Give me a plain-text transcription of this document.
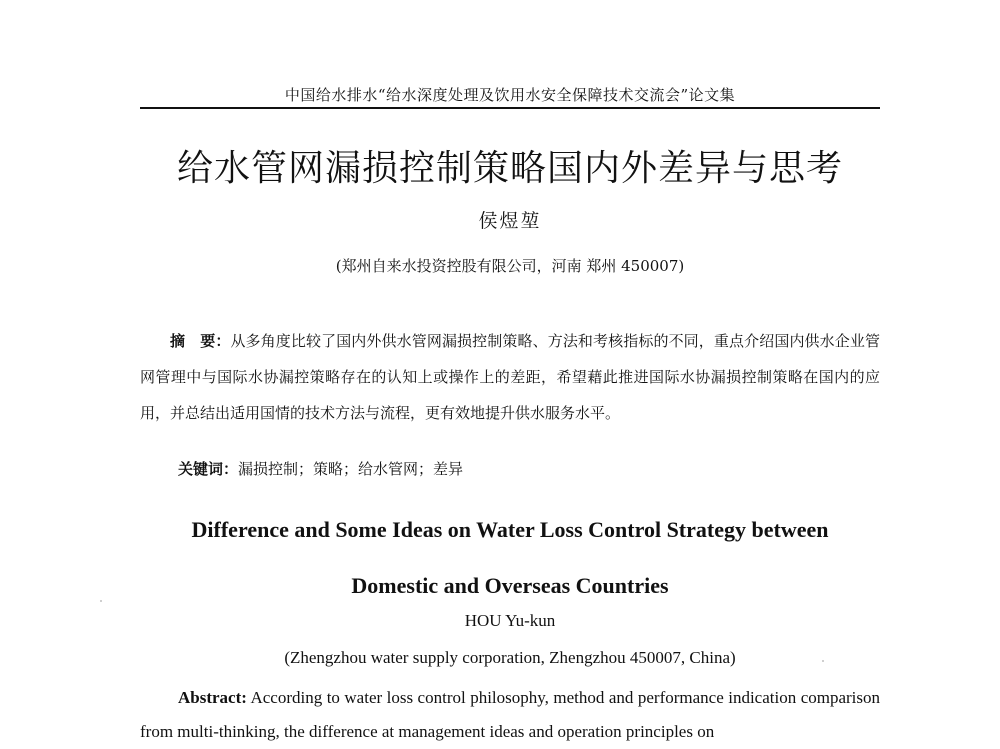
中国给水排水“给水深度处理及饮用水安全保障技术交流会”论文集
给水管网漏损控制策略国内外差异与思考
侯煜堃
(郑州自来水投资控股有限公司，河南 郑州 450007)

摘　要：从多角度比较了国内外供水管网漏损控制策略、方法和考核指标的不同，重点介绍国内供水企业管网管理中与国际水协漏控策略存在的认知上或操作上的差距，希望藉此推进国际水协漏损控制策略在国内的应用，并总结出适用国情的技术方法与流程，更有效地提升供水服务水平。

关键词：漏损控制；策略；给水管网；差异
Difference and Some Ideas on Water Loss Control Strategy between
Domestic and Overseas Countries
HOU Yu-kun
(Zhengzhou water supply corporation, Zhengzhou 450007, China)

Abstract: According to water loss control philosophy, method and performance indication comparison from multi-thinking, the difference at management ideas and operation principles on
